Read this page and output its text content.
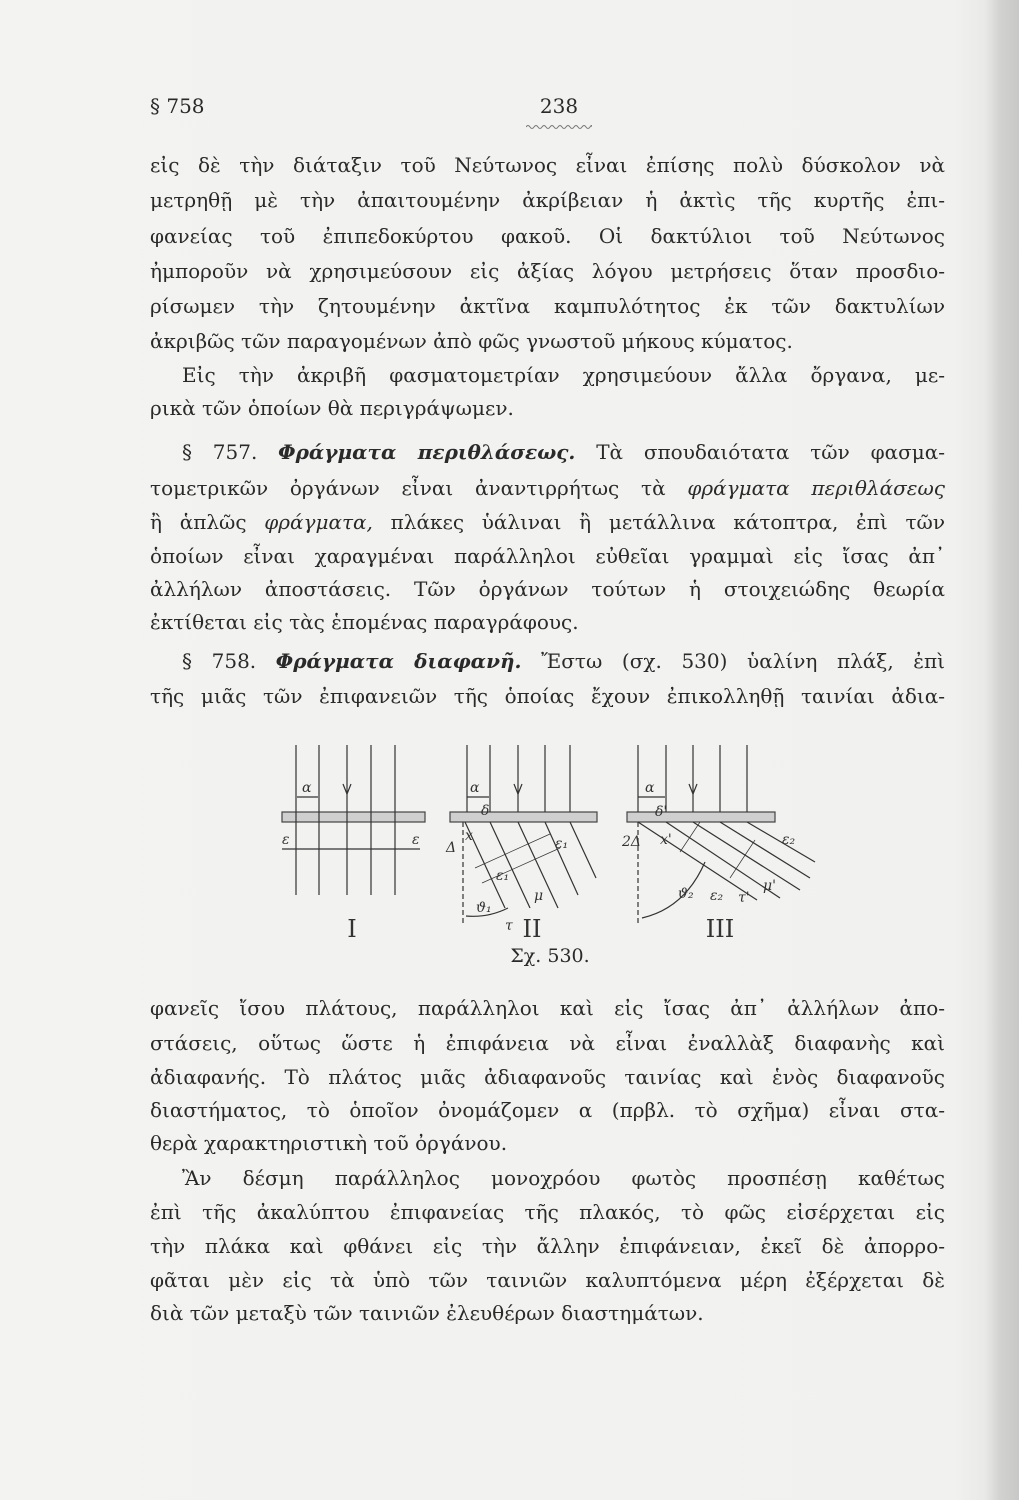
§ 758	238
εἰς δὲ τὴν διάταξιν τοῦ Νεύτωνος εἶναι ἐπίσης πολὺ δύσκολον νὰ
μετρηθῇ μὲ τὴν ἀπαιτουμένην ἀκρίβειαν ἡ ἀκτὶς τῆς κυρτῆς ἐπι-
φανείας τοῦ ἐπιπεδοκύρτου φακοῦ. Οἱ δακτύλιοι τοῦ Νεύτωνος
ἠμποροῦν νὰ χρησιμεύσουν εἰς ἀξίας λόγου μετρήσεις ὅταν προσδιο-
ρίσωμεν τὴν ζητουμένην ἀκτῖνα καμπυλότητος ἐκ τῶν δακτυλίων
ἀκριβῶς τῶν παραγομένων ἀπὸ φῶς γνωστοῦ μήκους κύματος.
Εἰς τὴν ἀκριβῆ φασματομετρίαν χρησιμεύουν ἄλλα ὄργανα, με-
ρικὰ τῶν ὁποίων θὰ περιγράψωμεν.
§ 757. Φράγματα περιθλάσεως. Τὰ σπουδαιότατα τῶν φασμα-
τομετρικῶν ὀργάνων εἶναι ἀναντιρρήτως τὰ φράγματα περιθλάσεως
ἢ ἁπλῶς φράγματα, πλάκες ὑάλιναι ἢ μετάλλινα κάτοπτρα, ἐπὶ τῶν
ὁποίων εἶναι χαραγμέναι παράλληλοι εὐθεῖαι γραμμαὶ εἰς ἴσας ἀπ᾽
ἀλλήλων ἀποστάσεις. Τῶν ὀργάνων τούτων ἡ στοιχειώδης θεωρία
ἐκτίθεται εἰς τὰς ἑπομένας παραγράφους.
§ 758. Φράγματα διαφανῆ. Ἔστω (σχ. 530) ὑαλίνη πλάξ, ἐπὶ
τῆς μιᾶς τῶν ἐπιφανειῶν τῆς ὁποίας ἔχουν ἐπικολληθῇ ταινίαι ἀδια-
φανεῖς ἴσου πλάτους, παράλληλοι καὶ εἰς ἴσας ἀπ᾽ ἀλλήλων ἀπο-
στάσεις, οὕτως ὥστε ἡ ἐπιφάνεια νὰ εἶναι ἐναλλὰξ διαφανὴς καὶ
ἀδιαφανής. Τὸ πλάτος μιᾶς ἀδιαφανοῦς ταινίας καὶ ἑνὸς διαφανοῦς
διαστήματος, τὸ ὁποῖον ὀνομάζομεν α (πρβλ. τὸ σχῆμα) εἶναι στα-
θερὰ χαρακτηριστικὴ τοῦ ὀργάνου.
Ἂν δέσμη παράλληλος μονοχρόου φωτὸς προσπέσῃ καθέτως
ἐπὶ τῆς ἀκαλύπτου ἐπιφανείας τῆς πλακός, τὸ φῶς εἰσέρχεται εἰς
τὴν πλάκα καὶ φθάνει εἰς τὴν ἄλλην ἐπιφάνειαν, ἐκεῖ δὲ ἀπορρο-
φᾶται μὲν εἰς τὰ ὑπὸ τῶν ταινιῶν καλυπτόμενα μέρη ἐξέρχεται δὲ
διὰ τῶν μεταξὺ τῶν ταινιῶν ἐλευθέρων διαστημάτων.
α
ε	ε
α
δ
Δ
x	ε₁
ε₁
ϑ₁
τ
μ
α
δ'
2Δ x'	ε₂
ϑ₂ ε₂ τ'
μ'
I	II	III
Σχ. 530.
